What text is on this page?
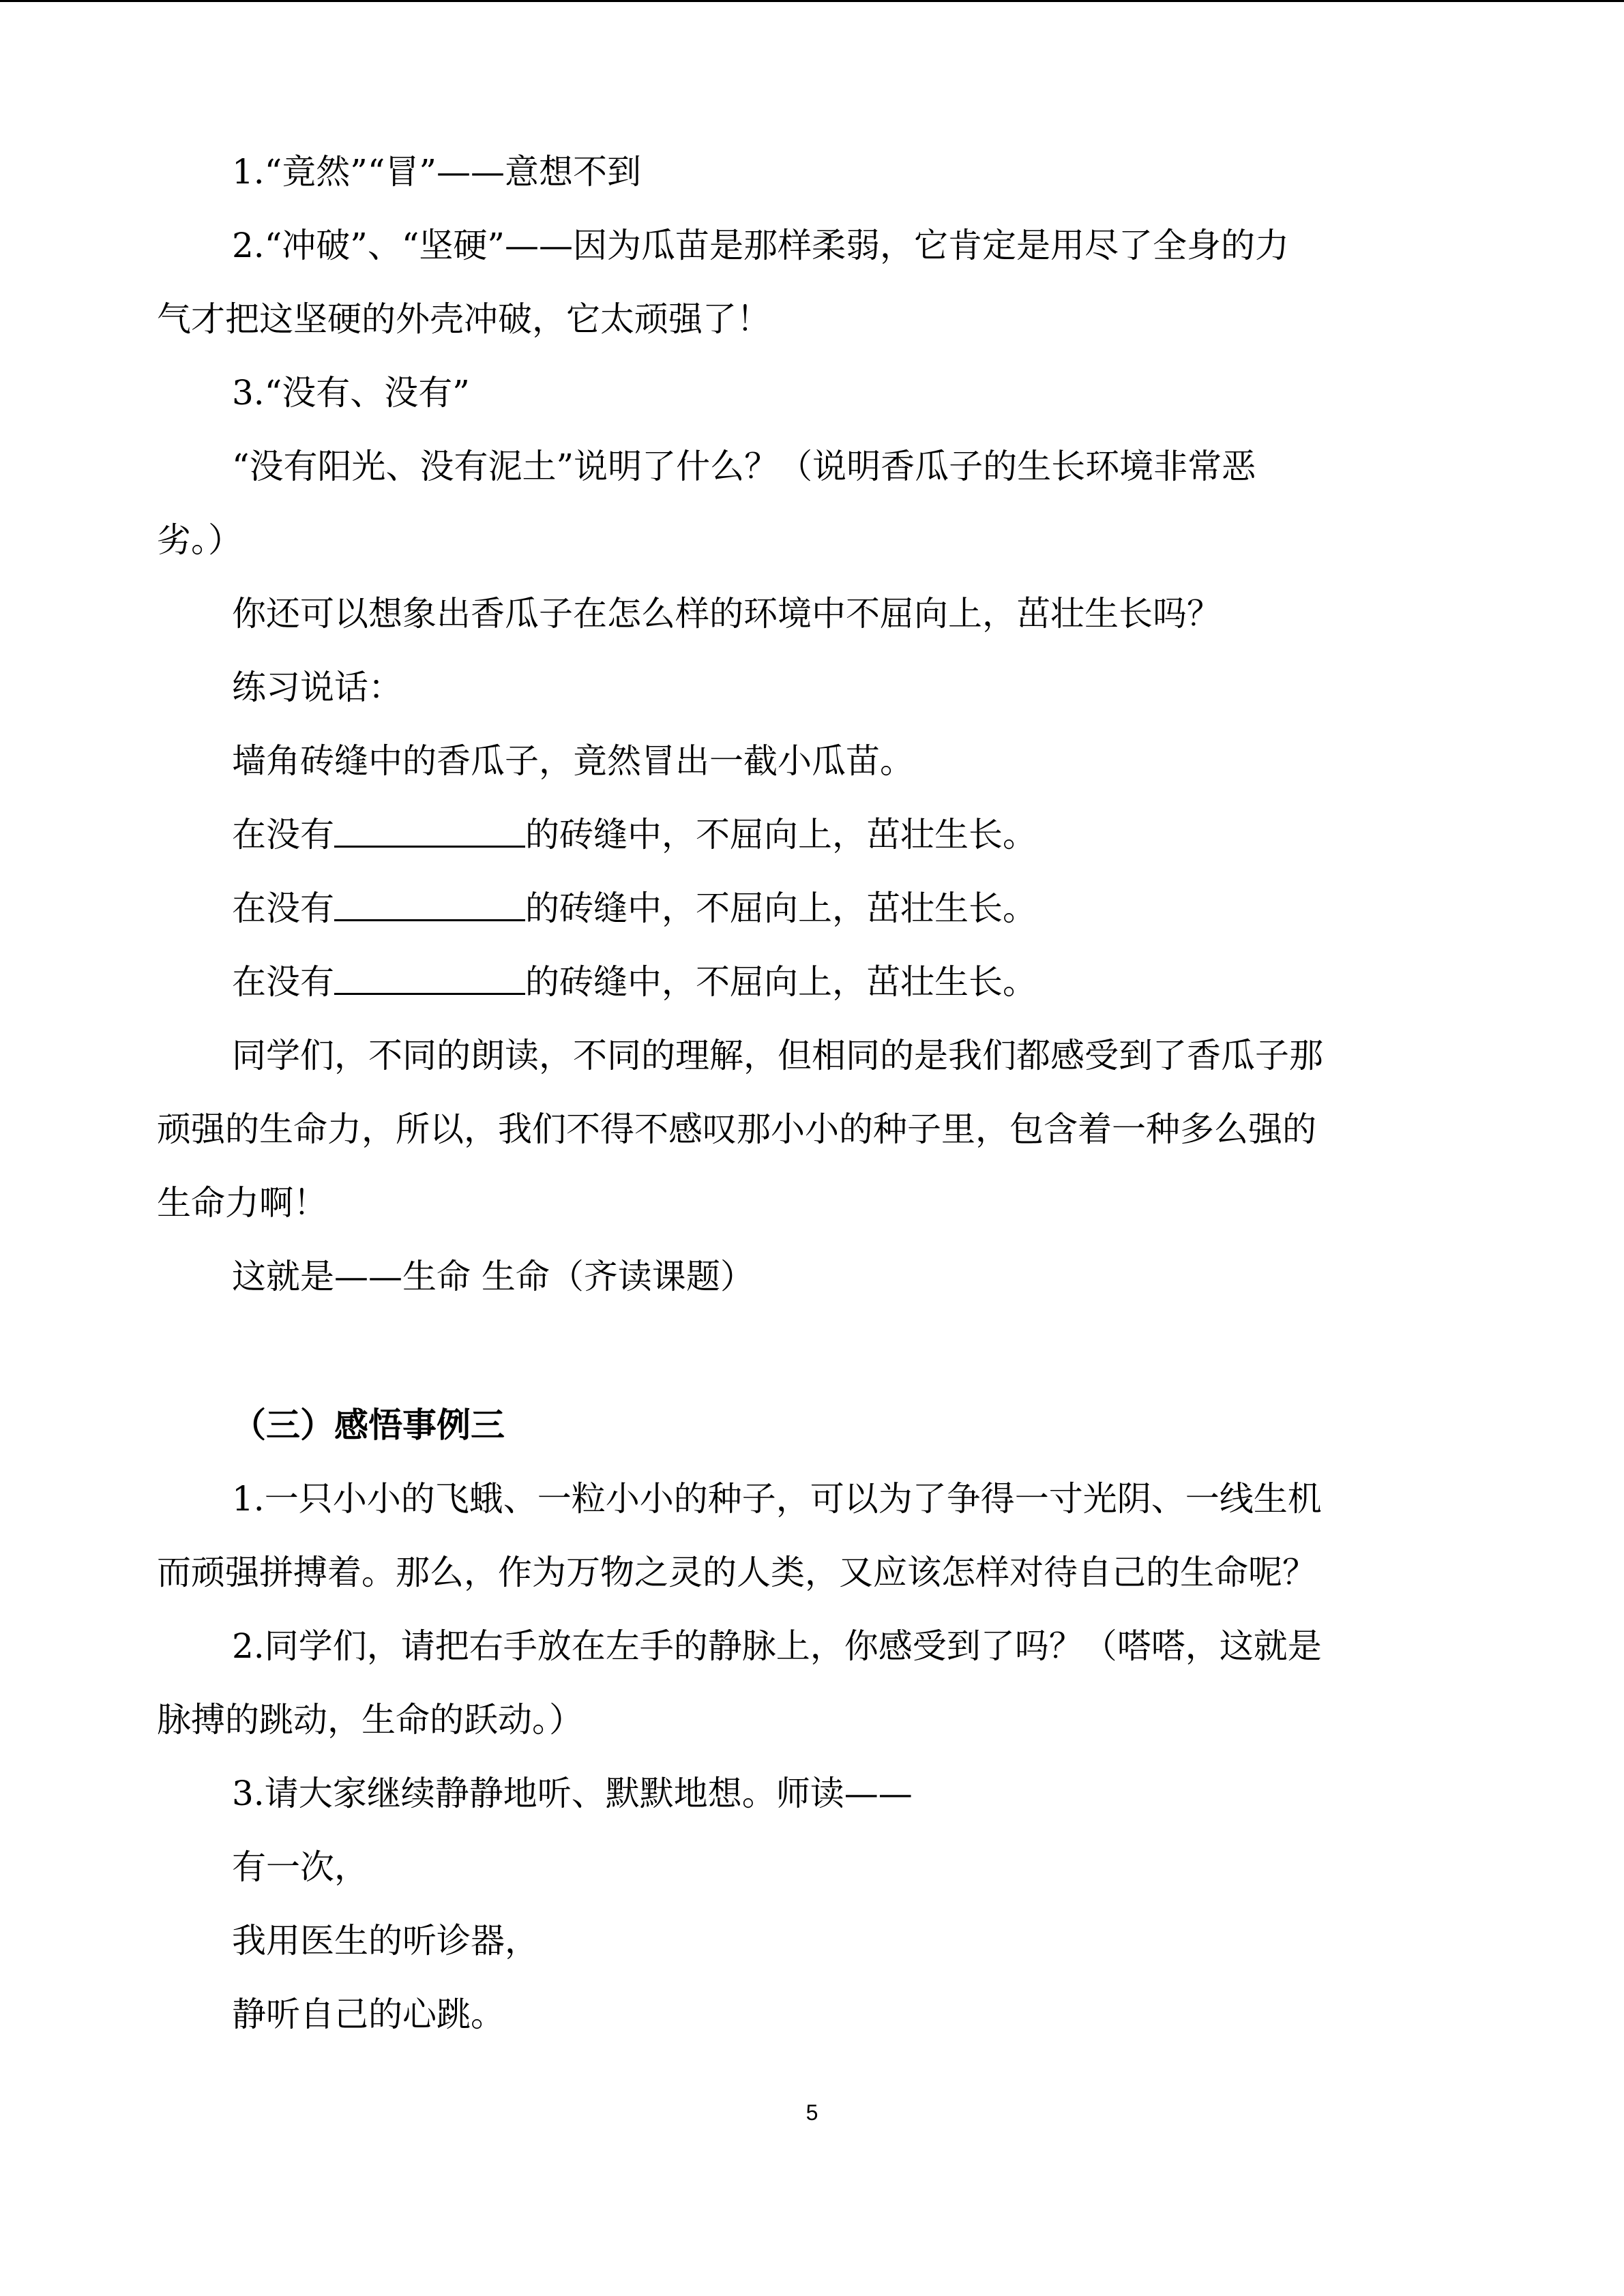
1.“竟然”“冒”——意想不到
2.“冲破”、“坚硬”——因为瓜苗是那样柔弱，它肯定是用尽了全身的力
气才把这坚硬的外壳冲破，它太顽强了！
3.“没有、没有”
“没有阳光、没有泥土”说明了什么？（说明香瓜子的生长环境非常恶
劣。）
你还可以想象出香瓜子在怎么样的环境中不屈向上，茁壮生长吗？
练习说话：
墙角砖缝中的香瓜子，竟然冒出一截小瓜苗。
在没有	的砖缝中，不屈向上，茁壮生长。
在没有	的砖缝中，不屈向上，茁壮生长。
在没有	的砖缝中，不屈向上，茁壮生长。
同学们，不同的朗读，不同的理解，但相同的是我们都感受到了香瓜子那
顽强的生命力，所以，我们不得不感叹那小小的种子里，包含着一种多么强的
生命力啊！
这就是——生命 生命（齐读课题）
（三）感悟事例三
1.一只小小的飞蛾、一粒小小的种子，可以为了争得一寸光阴、一线生机
而顽强拼搏着。那么，作为万物之灵的人类，又应该怎样对待自己的生命呢？
2.同学们，请把右手放在左手的静脉上，你感受到了吗？（嗒嗒，这就是
脉搏的跳动，生命的跃动。）
3.请大家继续静静地听、默默地想。师读——
有一次，
我用医生的听诊器，
静听自己的心跳。
5
